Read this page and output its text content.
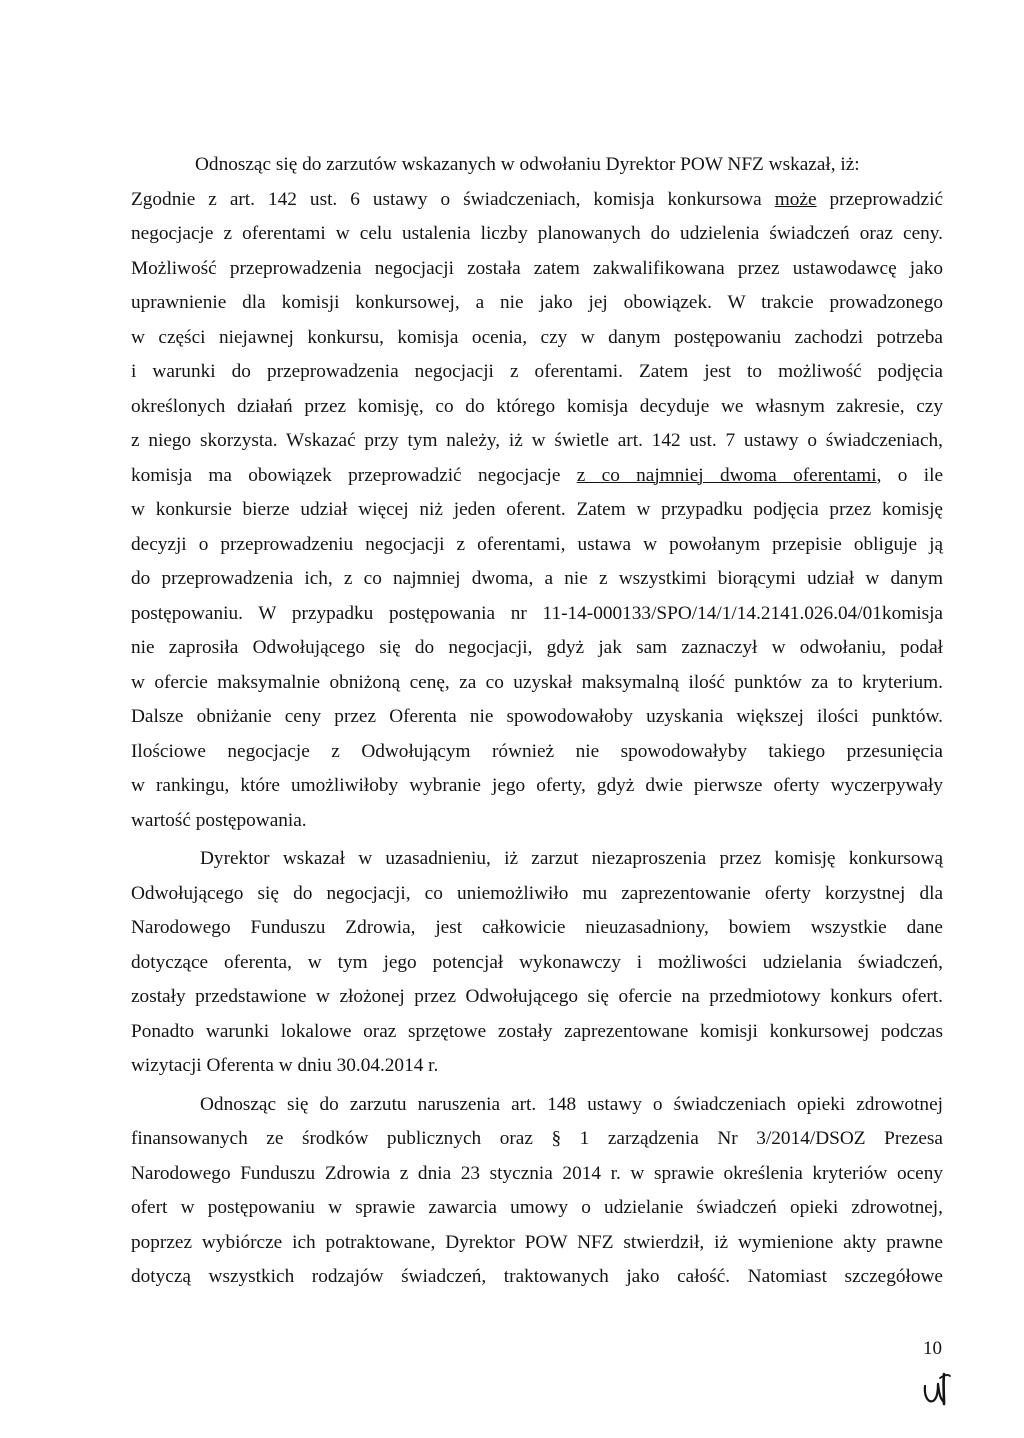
Odnosząc się do zarzutów wskazanych w odwołaniu Dyrektor POW NFZ wskazał, iż:
Zgodnie z art. 142 ust. 6 ustawy o świadczeniach, komisja konkursowa może przeprowadzić
negocjacje z oferentami w celu ustalenia liczby planowanych do udzielenia świadczeń oraz ceny.
Możliwość przeprowadzenia negocjacji została zatem zakwalifikowana przez ustawodawcę jako
uprawnienie dla komisji konkursowej, a nie jako jej obowiązek. W trakcie prowadzonego
w części niejawnej konkursu, komisja ocenia, czy w danym postępowaniu zachodzi potrzeba
i warunki do przeprowadzenia negocjacji z oferentami. Zatem jest to możliwość podjęcia
określonych działań przez komisję, co do którego komisja decyduje we własnym zakresie, czy
z niego skorzysta. Wskazać przy tym należy, iż w świetle art. 142 ust. 7 ustawy o świadczeniach,
komisja ma obowiązek przeprowadzić negocjacje z co najmniej dwoma oferentami, o ile
w konkursie bierze udział więcej niż jeden oferent. Zatem w przypadku podjęcia przez komisję
decyzji o przeprowadzeniu negocjacji z oferentami, ustawa w powołanym przepisie obliguje ją
do przeprowadzenia ich, z co najmniej dwoma, a nie z wszystkimi biorącymi udział w danym
postępowaniu. W przypadku postępowania nr 11-14-000133/SPO/14/1/14.2141.026.04/01komisja
nie zaprosiła Odwołującego się do negocjacji, gdyż jak sam zaznaczył w odwołaniu, podał
w ofercie maksymalnie obniżoną cenę, za co uzyskał maksymalną ilość punktów za to kryterium.
Dalsze obniżanie ceny przez Oferenta nie spowodowałoby uzyskania większej ilości punktów.
Ilościowe negocjacje z Odwołującym również nie spowodowałyby takiego przesunięcia
w rankingu, które umożliwiłoby wybranie jego oferty, gdyż dwie pierwsze oferty wyczerpywały
wartość postępowania.
Dyrektor wskazał w uzasadnieniu, iż zarzut niezaproszenia przez komisję konkursową
Odwołującego się do negocjacji, co uniemożliwiło mu zaprezentowanie oferty korzystnej dla
Narodowego Funduszu Zdrowia, jest całkowicie nieuzasadniony, bowiem wszystkie dane
dotyczące oferenta, w tym jego potencjał wykonawczy i możliwości udzielania świadczeń,
zostały przedstawione w złożonej przez Odwołującego się ofercie na przedmiotowy konkurs ofert.
Ponadto warunki lokalowe oraz sprzętowe zostały zaprezentowane komisji konkursowej podczas
wizytacji Oferenta w dniu 30.04.2014 r.
Odnosząc się do zarzutu naruszenia art. 148 ustawy o świadczeniach opieki zdrowotnej
finansowanych ze środków publicznych oraz § 1 zarządzenia Nr 3/2014/DSOZ Prezesa
Narodowego Funduszu Zdrowia z dnia 23 stycznia 2014 r. w sprawie określenia kryteriów oceny
ofert w postępowaniu w sprawie zawarcia umowy o udzielanie świadczeń opieki zdrowotnej,
poprzez wybiórcze ich potraktowane, Dyrektor POW NFZ stwierdził, iż wymienione akty prawne
dotyczą wszystkich rodzajów świadczeń, traktowanych jako całość. Natomiast szczegółowe
10
